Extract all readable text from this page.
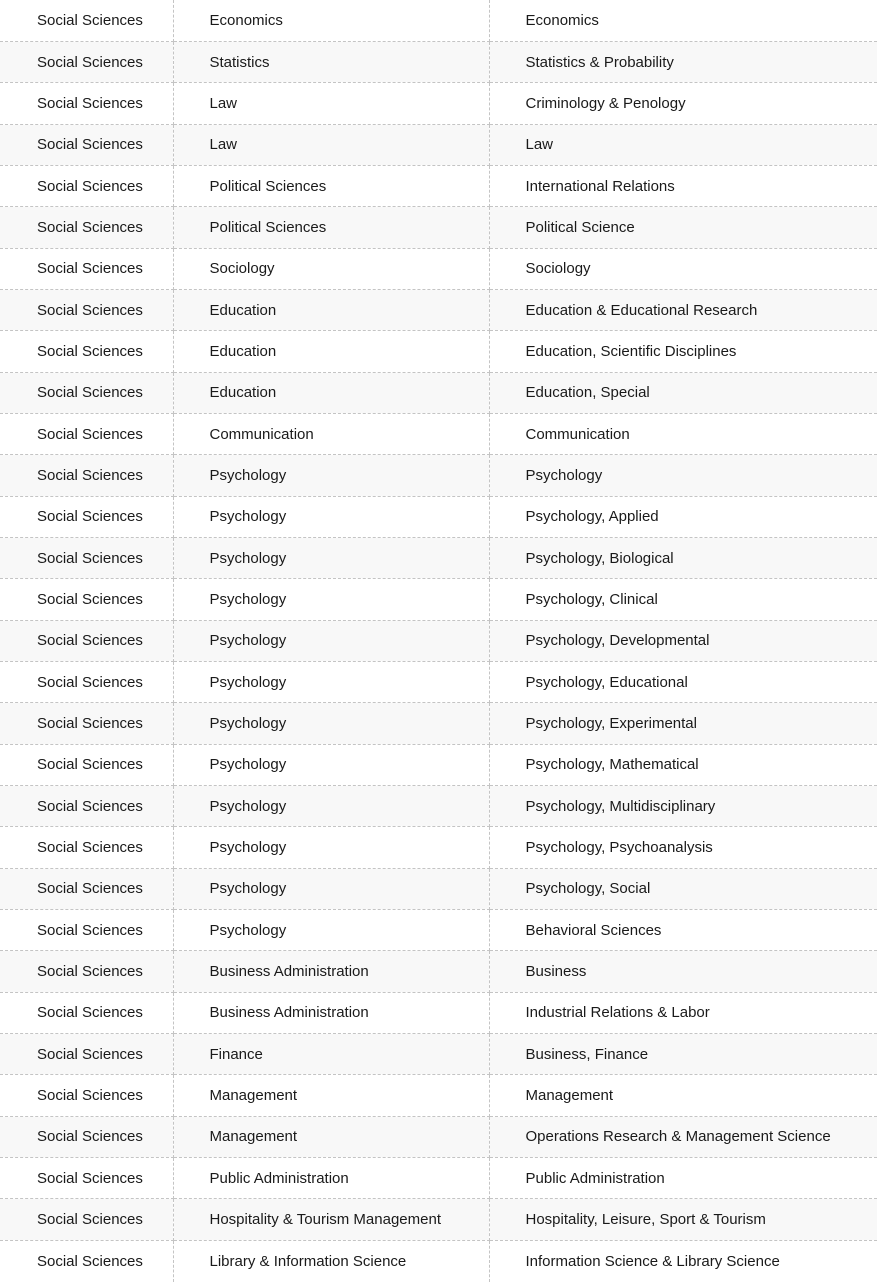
Social Sciences	Economics	Economics
Social Sciences	Statistics	Statistics & Probability
Social Sciences	Law	Criminology & Penology
Social Sciences	Law	Law
Social Sciences	Political Sciences	International Relations
Social Sciences	Political Sciences	Political Science
Social Sciences	Sociology	Sociology
Social Sciences	Education	Education & Educational Research
Social Sciences	Education	Education, Scientific Disciplines
Social Sciences	Education	Education, Special
Social Sciences	Communication	Communication
Social Sciences	Psychology	Psychology
Social Sciences	Psychology	Psychology, Applied
Social Sciences	Psychology	Psychology, Biological
Social Sciences	Psychology	Psychology, Clinical
Social Sciences	Psychology	Psychology, Developmental
Social Sciences	Psychology	Psychology, Educational
Social Sciences	Psychology	Psychology, Experimental
Social Sciences	Psychology	Psychology, Mathematical
Social Sciences	Psychology	Psychology, Multidisciplinary
Social Sciences	Psychology	Psychology, Psychoanalysis
Social Sciences	Psychology	Psychology, Social
Social Sciences	Psychology	Behavioral Sciences
Social Sciences	Business Administration	Business
Social Sciences	Business Administration	Industrial Relations & Labor
Social Sciences	Finance	Business, Finance
Social Sciences	Management	Management
Social Sciences	Management	Operations Research & Management Science
Social Sciences	Public Administration	Public Administration
Social Sciences	Hospitality & Tourism Management	Hospitality, Leisure, Sport & Tourism
Social Sciences	Library & Information Science	Information Science & Library Science
